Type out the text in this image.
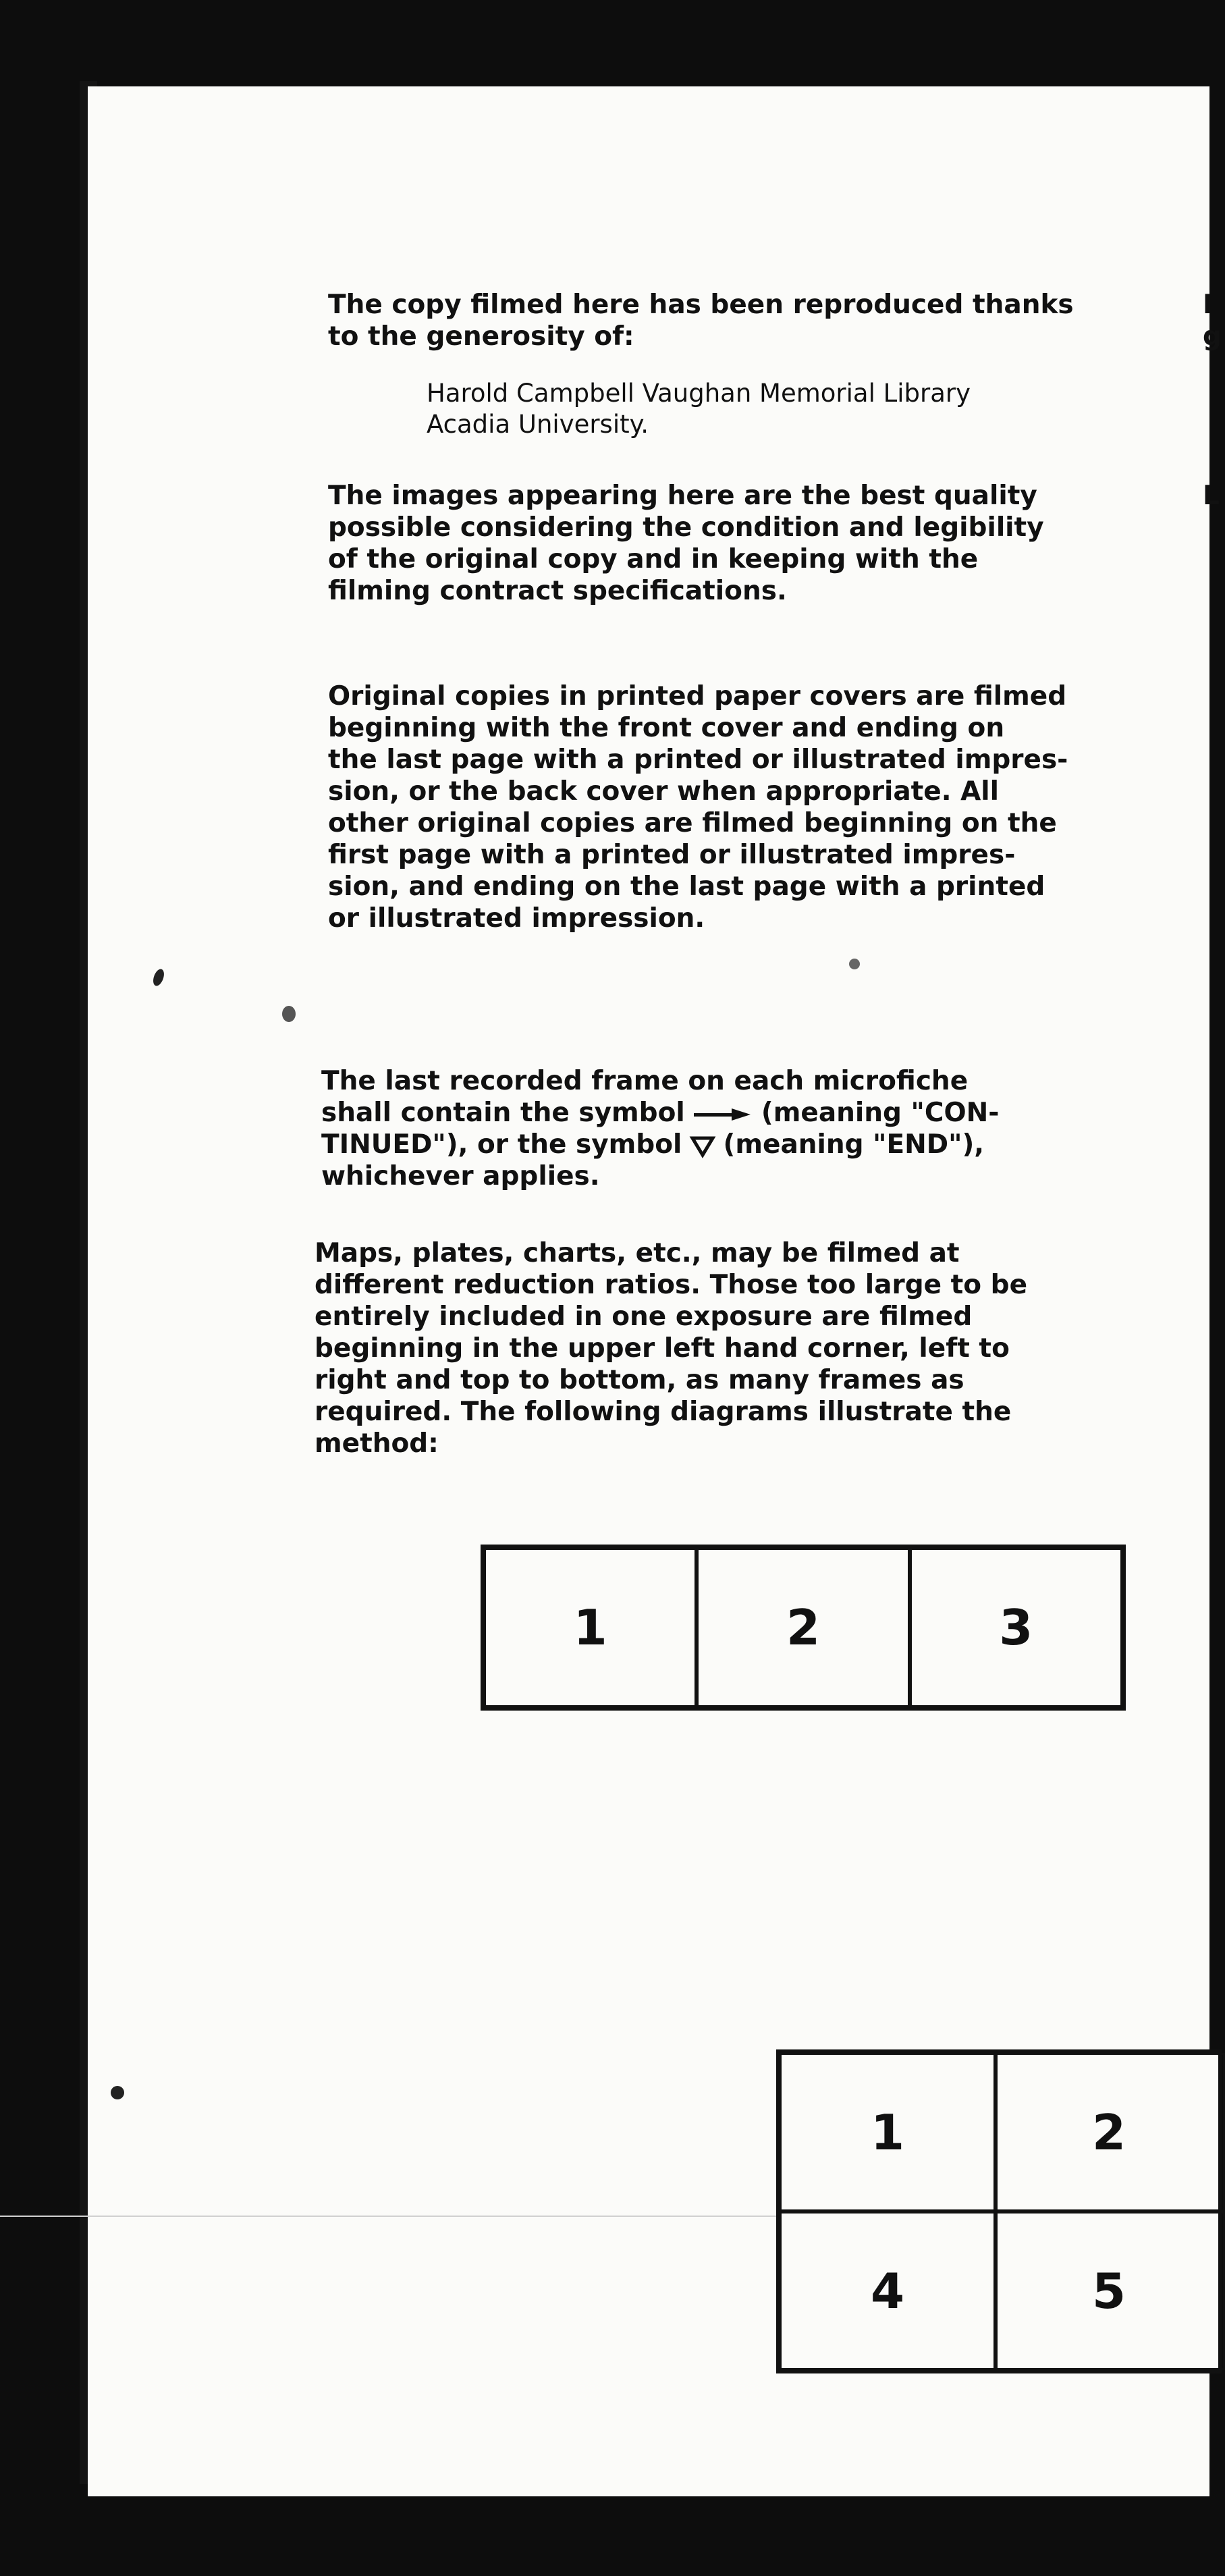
The copy filmed here has been reproduced thanks
to the generosity of:

Harold Campbell Vaughan Memorial Library
Acadia University.

The images appearing here are the best quality
possible considering the condition and legibility
of the original copy and in keeping with the
filming contract specifications.

Original copies in printed paper covers are filmed
beginning with the front cover and ending on
the last page with a printed or illustrated impres-
sion, or the back cover when appropriate. All
other original copies are filmed beginning on the
first page with a printed or illustrated impres-
sion, and ending on the last page with a printed
or illustrated impression.

The last recorded frame on each microfiche
shall contain the symbol	(meaning "CON-
TINUED"), or the symbol (meaning "END"),
whichever applies.

Maps, plates, charts, etc., may be filmed at
different reduction ratios. Those too large to be
entirely included in one exposure are filmed
beginning in the upper left hand corner, left to
right and top to bottom, as many frames as
required. The following diagrams illustrate the
method:

I
g
L
1	2	3
1	2
4	5
